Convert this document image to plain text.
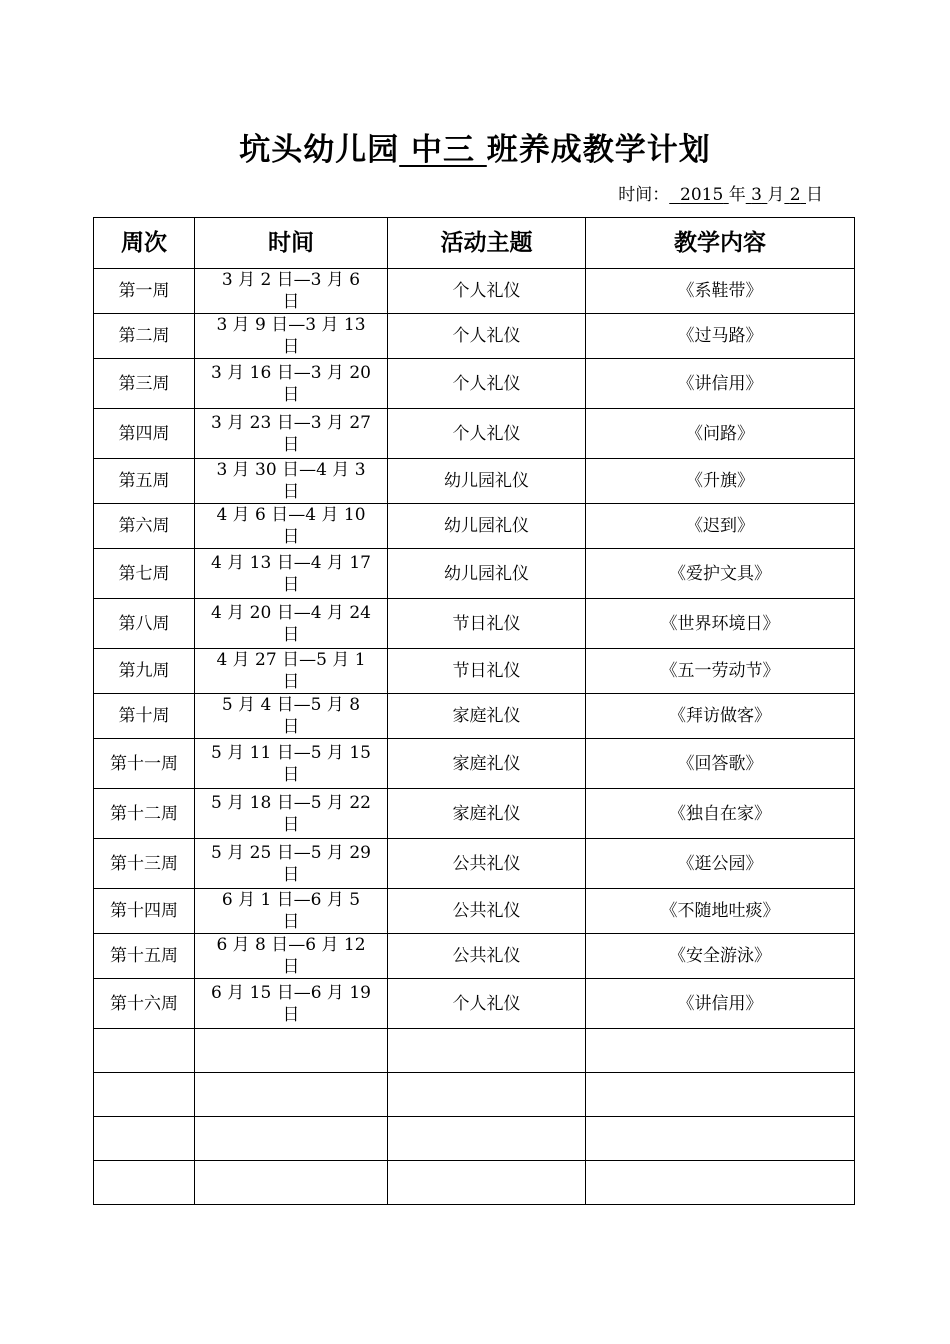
坑头幼儿园 中三 班养成教学计划
时间： 2015 年 3 月 2 日
周次	时间	活动主题	教学内容
第一周	3 月 2 日—3 月 6 日	个人礼仪	《系鞋带》
第二周	3 月 9 日—3 月 13 日	个人礼仪	《过马路》
第三周	3 月 16 日—3 月 20 日	个人礼仪	《讲信用》
第四周	3 月 23 日—3 月 27 日	个人礼仪	《问路》
第五周	3 月 30 日—4 月 3 日	幼儿园礼仪	《升旗》
第六周	4 月 6 日—4 月 10 日	幼儿园礼仪	《迟到》
第七周	4 月 13 日—4 月 17 日	幼儿园礼仪	《爱护文具》
第八周	4 月 20 日—4 月 24 日	节日礼仪	《世界环境日》
第九周	4 月 27 日—5 月 1 日	节日礼仪	《五一劳动节》
第十周	5 月 4 日—5 月 8 日	家庭礼仪	《拜访做客》
第十一周	5 月 11 日—5 月 15 日	家庭礼仪	《回答歌》
第十二周	5 月 18 日—5 月 22 日	家庭礼仪	《独自在家》
第十三周	5 月 25 日—5 月 29 日	公共礼仪	《逛公园》
第十四周	6 月 1 日—6 月 5 日	公共礼仪	《不随地吐痰》
第十五周	6 月 8 日—6 月 12 日	公共礼仪	《安全游泳》
第十六周	6 月 15 日—6 月 19 日	个人礼仪	《讲信用》
